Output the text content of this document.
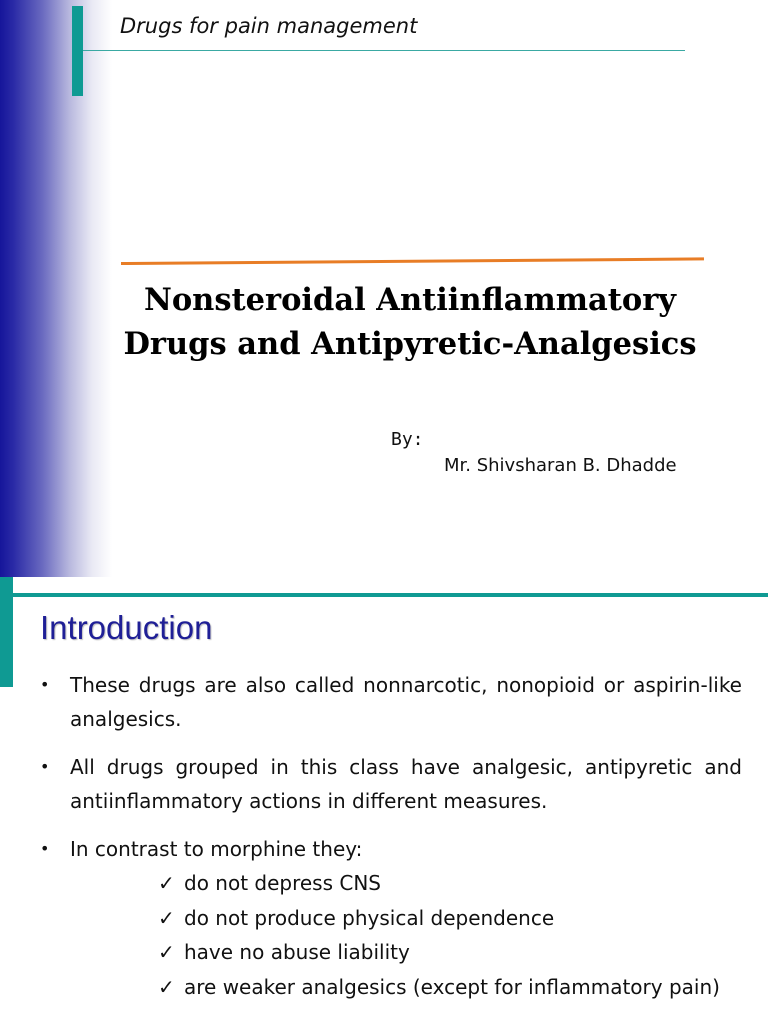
Drugs for pain management
Nonsteroidal Antiinflammatory
Drugs and Antipyretic-Analgesics
By:
Mr. Shivsharan B. Dhadde
Introduction
• These drugs are also called nonnarcotic, nonopioid or aspirin-like analgesics.
• All drugs grouped in this class have analgesic, antipyretic and antiinflammatory actions in different measures.
• In contrast to morphine they:
✓ do not depress CNS
✓ do not produce physical dependence
✓ have no abuse liability
✓ are weaker analgesics (except for inflammatory pain)
